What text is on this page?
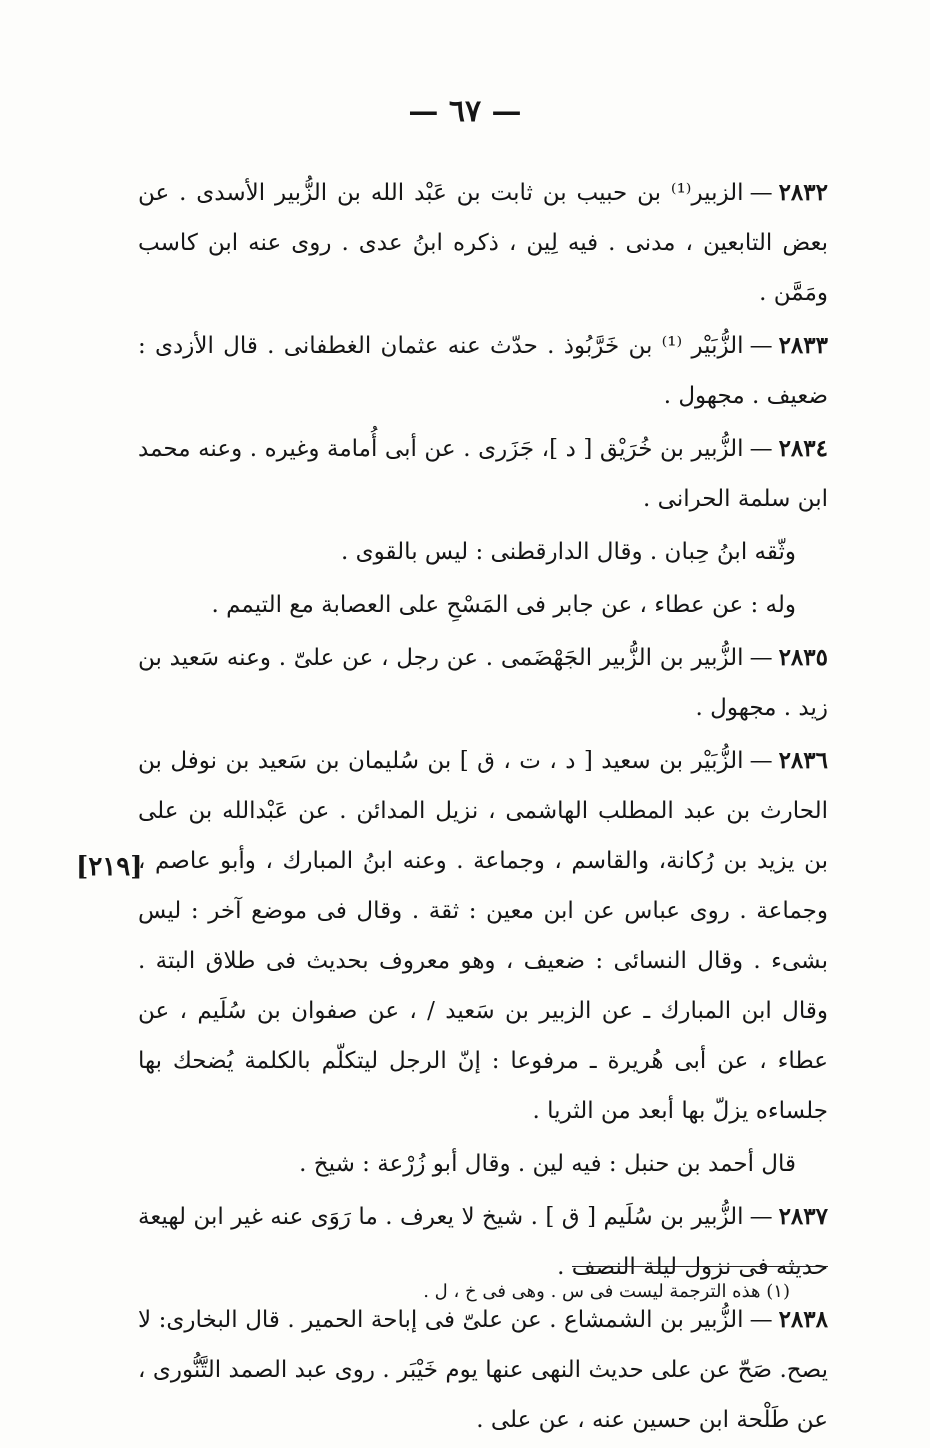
— ٦٧ —
[٢١٩]

٢٨٣٢—الزبير⁽¹⁾ بن حبيب بن ثابت بن عَبْد الله بن الزُّبير الأسدى . عن بعض التابعين ، مدنى . فيه لِين ، ذكره ابنُ عدى . روى عنه ابن كاسب ومَمَّن .

٢٨٣٣—الزُّبَيْر ⁽¹⁾ بن خَرَّبُوذ . حدّث عنه عثمان الغطفانى . قال الأزدى : ضعيف . مجهول .

٢٨٣٤—الزُّبير بن خُرَيْق [ د ]، جَزَرى . عن أبى أُمامة وغيره . وعنه محمد ابن سلمة الحرانى .

وثّقه ابنُ حِبان . وقال الدارقطنى : ليس بالقوى .

وله : عن عطاء ، عن جابر فى المَسْحِ على العصابة مع التيمم .

٢٨٣٥—الزُّبير بن الزُّبير الجَهْضَمى . عن رجل ، عن علىّ . وعنه سَعيد بن زيد . مجهول .

٢٨٣٦—الزُّبَيْر بن سعيد [ د ، ت ، ق ] بن سُليمان بن سَعيد بن نوفل بن الحارث بن عبد المطلب الهاشمى ، نزيل المدائن . عن عَبْدالله بن على بن يزيد بن رُكانة، والقاسم ، وجماعة . وعنه ابنُ المبارك ، وأبو عاصم ، وجماعة . روى عباس عن ابن معين : ثقة . وقال فى موضع آخر : ليس بشىء . وقال النسائى : ضعيف ، وهو معروف بحديث فى طلاق البتة . وقال ابن المبارك ـ عن الزبير بن سَعيد / ، عن صفوان بن سُلَيم ، عن عطاء ، عن أبى هُريرة ـ مرفوعا : إنّ الرجل ليتكلّم بالكلمة يُضحك بها جلساءه يزلّ بها أبعد من الثريا .

قال أحمد بن حنبل : فيه لين . وقال أبو زُرْعة : شيخ .

٢٨٣٧—الزُّبير بن سُلَيم [ ق ] . شيخ لا يعرف . ما رَوَى عنه غير ابن لهيعة حديثه فى نزول ليلة النصف .

٢٨٣٨—الزُّبير بن الشمشاع . عن علىّ فى إباحة الحمير . قال البخارى: لا يصح. صَحّ عن على حديث النهى عنها يوم خَيْبَر . روى عبد الصمد التَّنُّورى ، عن طَلْحة ابن حسين عنه ، عن على .

(١) هذه الترجمة ليست فى س . وهى فى خ ، ل .
